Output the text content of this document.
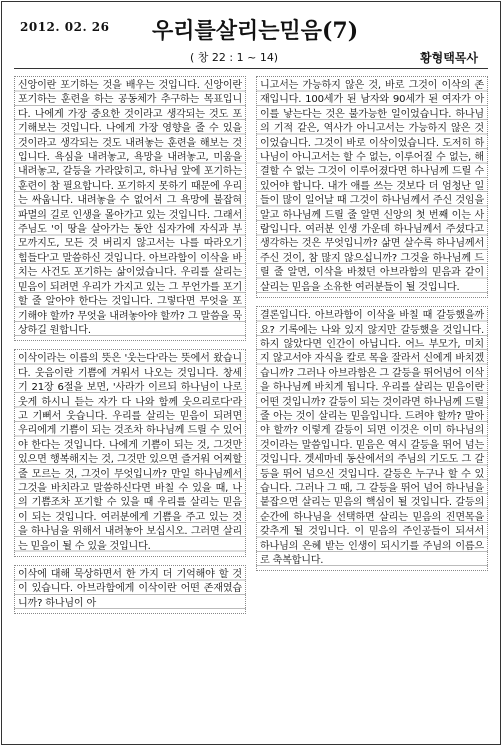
2012. 02. 26 우리를살리는믿음(7)
( 창 22 : 1 ~ 14)	황형택목사

신앙이란 포기하는 것을 배우는 것입니다. 신앙이란 포기하는 훈련을 하는 공동체가 추구하는 목표입니다. 나에게 가장 중요한 것이라고 생각되는 것도 포기해보는 것입니다. 나에게 가장 영향을 줄 수 있을 것이라고 생각되는 것도 내려놓는 훈련을 해보는 것입니다. 욕심을 내려놓고, 욕망을 내려놓고, 미움을 내려놓고, 갈등을 가라앉히고, 하나님 앞에 포기하는 훈련이 참 필요합니다. 포기하지 못하기 때문에 우리는 싸웁니다. 내려놓을 수 없어서 그 욕망에 불잡혀 파멸의 길로 인생을 몰아가고 있는 것입니다. 그래서 주님도 '이 땅을 살아가는 동안 십자가에 자식과 부모까지도, 모든 것 버리지 않고서는 나를 따라오기 힘들다'고 말씀하신 것입니다. 아브라함이 이삭을 바치는 사건도 포기하는 삶이었습니다. 우리를 살리는 믿음이 되려면 우리가 가지고 있는 그 무언가를 포기할 줄 알아야 한다는 것입니다. 그렇다면 무엇을 포기해야 할까? 무엇을 내려놓아야 할까? 그 말씀을 묵상하길 원합니다.

이삭이라는 이름의 뜻은 '웃는다'라는 뜻에서 왔습니다. 웃음이란 기쁨에 겨워서 나오는 것입니다. 창세기 21장 6절을 보면, '사라가 이르되 하나님이 나로 웃게 하시니 듣는 자가 다 나와 함께 웃으리로다'라고 기뻐서 웃습니다. 우리를 살리는 믿음이 되려면 우리에게 기쁨이 되는 것조차 하나님께 드릴 수 있어야 한다는 것입니다. 나에게 기쁨이 되는 것, 그것만 있으면 행복해지는 것, 그것만 있으면 즐거워 어찌할 줄 모르는 것, 그것이 무엇입니까? 만일 하나님께서 그것을 바치라고 말씀하신다면 바칠 수 있을 때, 나의 기쁨조차 포기할 수 있을 때 우리를 살리는 믿음이 되는 것입니다. 여러분에게 기쁨을 주고 있는 것을 하나님을 위해서 내려놓아 보십시오. 그러면 살리는 믿음이 될 수 있을 것입니다.

이삭에 대해 묵상하면서 한 가지 더 기억해야 할 것이 있습니다. 아브라함에게 이삭이란 어떤 존재였습니까? 하나님이 아

니고서는 가능하지 않은 것, 바로 그것이 이삭의 존재입니다. 100세가 된 남자와 90세가 된 여자가 아이를 낳는다는 것은 불가능한 일이었습니다. 하나님의 기적 같은, 역사가 아니고서는 가능하지 않은 것이었습니다. 그것이 바로 이삭이었습니다. 도저히 하나님이 아니고서는 할 수 없는, 이루어질 수 없는, 해결할 수 없는 그것이 이루어졌다면 하나님께 드릴 수 있어야 합니다. 내가 애를 쓰는 것보다 더 엄청난 일들이 많이 일어날 때 그것이 하나님께서 주신 것임을 알고 하나님께 드릴 줄 알면 신앙의 첫 번째 이는 사람입니다. 여러분 인생 가운데 하나님께서 주셨다고 생각하는 것은 무엇입니까? 삶면 살수록 하나님께서 주신 것이, 참 많지 않으십니까? 그것을 하나님께 드릴 줄 알면, 이삭을 바쳤던 아브라함의 믿음과 같이 살리는 믿음을 소유한 여러분들이 될 것입니다.

결론입니다. 아브라함이 이삭을 바칠 때 갈등했을까요? 기록에는 나와 있지 않지만 갈등했을 것입니다. 하지 않았다면 인간이 아닙니다. 어느 부모가, 미치지 않고서야 자식을 칼로 목을 잘라서 신에게 바치겠습니까? 그러나 아브라함은 그 갈등을 뛰어넘어 이삭을 하나님께 바치게 됩니다. 우리를 살리는 믿음이란 어떤 것입니까? 갈등이 되는 것이라면 하나님께 드릴 줄 아는 것이 살리는 믿음입니다. 드려야 할까? 말아야 할까? 이렇게 갈등이 되면 이것은 이미 하나님의 것이라는 말씀입니다. 믿음은 역시 갈등을 뛰어 넘는 것입니다. 겟세마네 동산에서의 주님의 기도도 그 갈등을 뛰어 넘으신 것입니다. 갈등은 누구나 할 수 있습니다. 그러나 그 때, 그 갈등을 뛰어 넘어 하나님을 붙잡으면 살리는 믿음의 핵심이 될 것입니다. 갈등의 순간에 하나님을 선택하면 살리는 믿음의 진면목을 갖추게 될 것입니다. 이 믿음의 주인공들이 되셔서 하나님의 은혜 받는 인생이 되시기를 주님의 이름으로 축복합니다.
